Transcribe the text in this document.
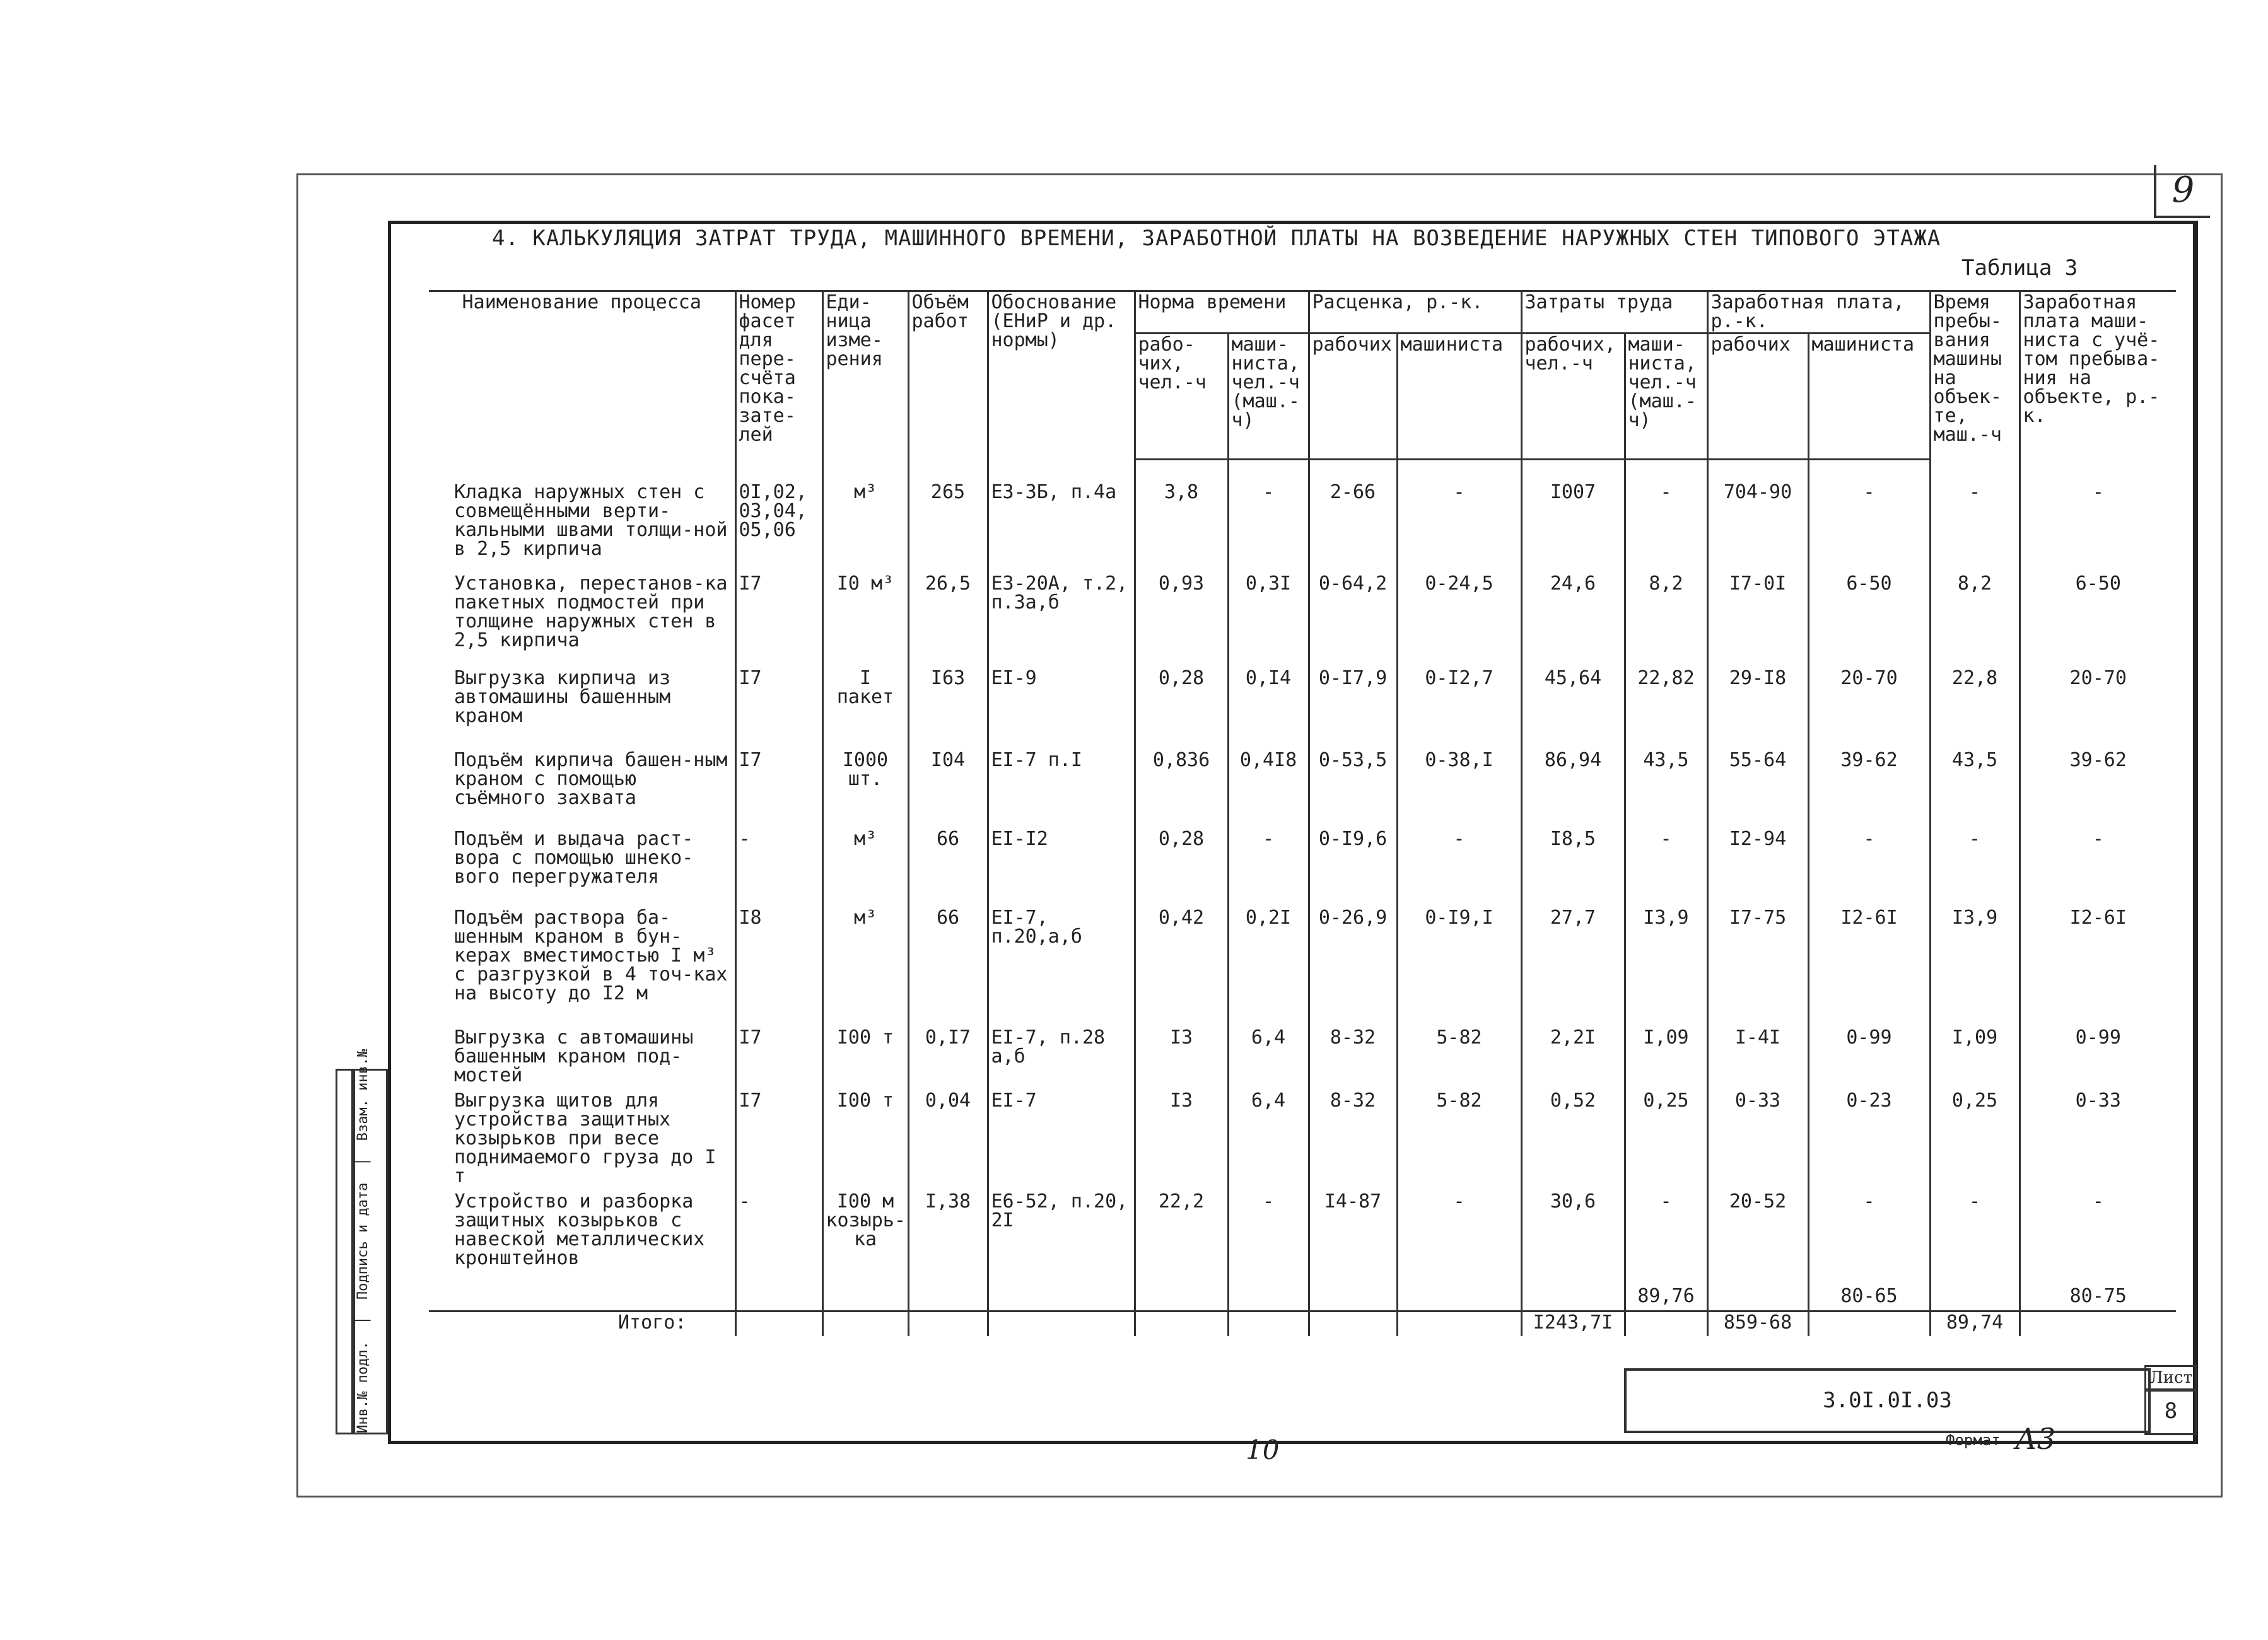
9
4. КАЛЬКУЛЯЦИЯ ЗАТРАТ ТРУДА, МАШИННОГО ВРЕМЕНИ, ЗАРАБОТНОЙ ПЛАТЫ НА ВОЗВЕДЕНИЕ НАРУЖНЫХ СТЕН ТИПОВОГО ЭТАЖА
Таблица 3
Наименование процесса	Номер фасет для пере-счёта пока-зате-лей	Еди-ница изме-рения	Объём работ	Обоснование (ЕНиР и др. нормы)	Норма времени		Расценка, р.-к.		Затраты труда		Заработная плата, р.-к.		Время пребы-вания машины на объек-те, маш.-ч	Заработная плата маши-ниста с учё-том пребыва-ния на объекте, р.-к.
					рабо-чих, чел.-ч	маши-ниста, чел.-ч (маш.-ч)	рабочих	машиниста	рабочих, чел.-ч	маши-ниста, чел.-ч (маш.-ч)	рабочих	машиниста		

Кладка наружных стен с совмещёнными верти-кальными швами толщи-ной в 2,5 кирпича	0I,02, 03,04, 05,06	м³	265	Е3-3Б, п.4а	3,8	-	2-66	-	I007	-	704-90	-	-	-
Установка, перестанов-ка пакетных подмостей при толщине наружных стен в 2,5 кирпича	I7	I0 м³	26,5	Е3-20А, т.2, п.3а,б	0,93	0,3I	0-64,2	0-24,5	24,6	8,2	I7-0I	6-50	8,2	6-50
Выгрузка кирпича из автомашины башенным краном	I7	I пакет	I63	ЕI-9	0,28	0,I4	0-I7,9	0-I2,7	45,64	22,82	29-I8	20-70	22,8	20-70
Подъём кирпича башен-ным краном с помощью съёмного захвата	I7	I000 шт.	I04	ЕI-7 п.I	0,836	0,4I8	0-53,5	0-38,I	86,94	43,5	55-64	39-62	43,5	39-62
Подъём и выдача раст-вора с помощью шнеко-вого перегружателя	-	м³	66	ЕI-I2	0,28	-	0-I9,6	-	I8,5	-	I2-94	-	-	-
Подъём раствора ба-шенным краном в бун-керах вместимостью I м³ с разгрузкой в 4 точ-ках на высоту до I2 м	I8	м³	66	ЕI-7, п.20,а,б	0,42	0,2I	0-26,9	0-I9,I	27,7	I3,9	I7-75	I2-6I	I3,9	I2-6I
Выгрузка с автомашины башенным краном под-мостей	I7	I00 т	0,I7	ЕI-7, п.28 а,б	I3	6,4	8-32	5-82	2,2I	I,09	I-4I	0-99	I,09	0-99
Выгрузка щитов для устройства защитных козырьков при весе поднимаемого груза до I т	I7	I00 т	0,04	ЕI-7	I3	6,4	8-32	5-82	0,52	0,25	0-33	0-23	0,25	0-33
Устройство и разборка защитных козырьков с навеской металлических кронштейнов	-	I00 м козырь-ка	I,38	Е6-52, п.20, 2I	22,2	-	I4-87	-	30,6	-	20-52	-	-	-
										89,76		80-65		80-75
Итого:									I243,7I		859-68		89,74	
Инв.№ подл.  │  Подпись и дата  │  Взам. инв.№
3.0I.0I.03
Лист
8
10	Формат А3
